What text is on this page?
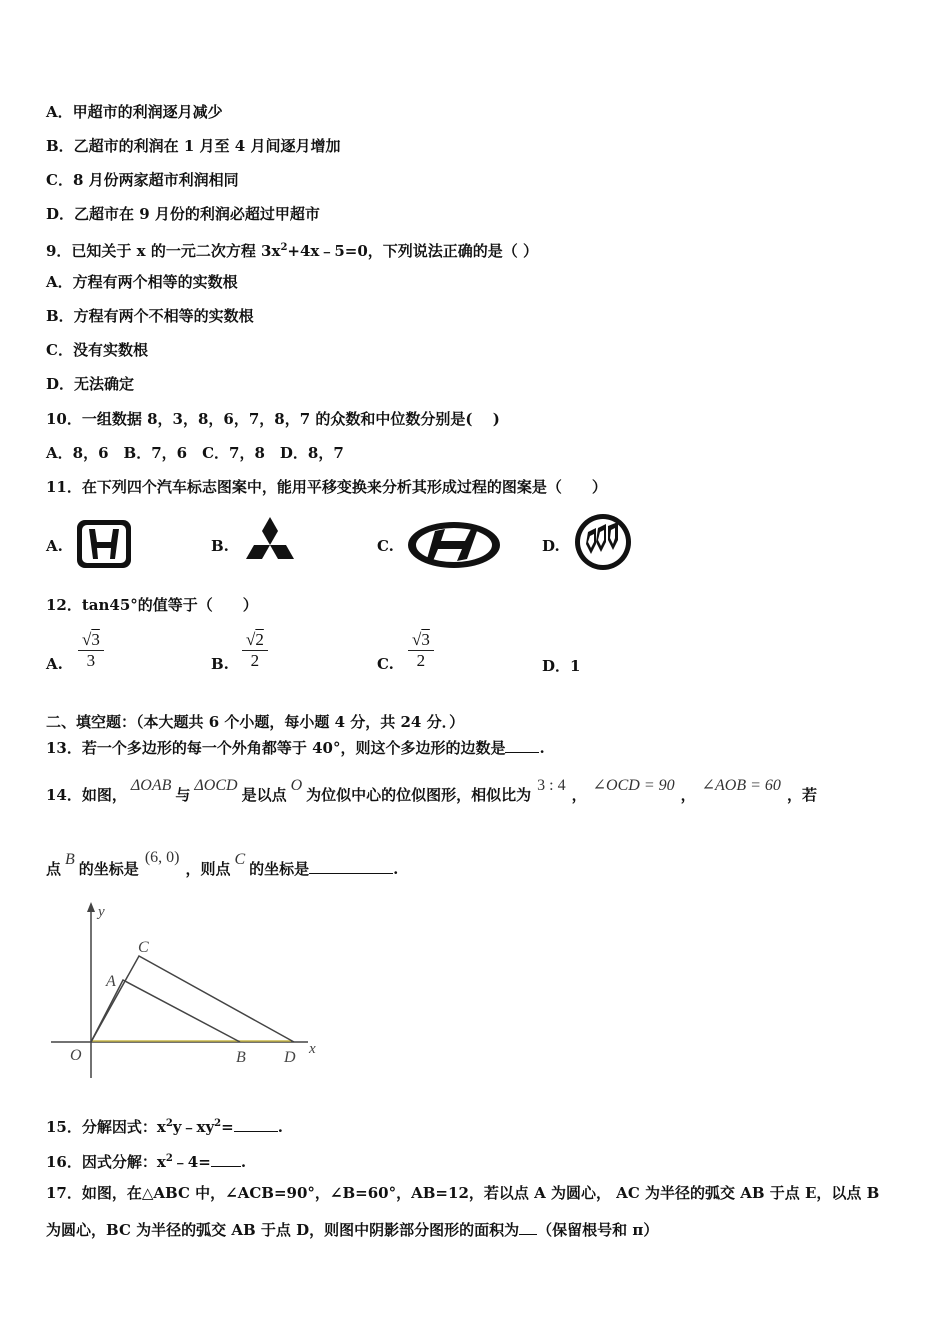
A．甲超市的利润逐月减少
B．乙超市的利润在 1 月至 4 月间逐月增加
C．8 月份两家超市利润相同
D．乙超市在 9 月份的利润必超过甲超市
9．已知关于 x 的一元二次方程 $3x^2+4x﹣5=0$，下列说法正确的是（ ）
A．方程有两个相等的实数根
B．方程有两个不相等的实数根
C．没有实数根
D．无法确定
10．一组数据 8，3，8，6，7，8，7 的众数和中位数分别是(　 )
A．8，6　B．7，6　C．7，8　D．8，7
11．在下列四个汽车标志图案中，能用平移变换来分析其形成过程的图案是（　　）
A.	B.	C.	D.
12．tan45°的值等于（　　）
A. $\frac{√3}{3}$	B. $\frac{√2}{2}$	C. $\frac{√3}{2}$	D．1
二、填空题：（本大题共 6 个小题，每小题 4 分，共 24 分．）
13．若一个多边形的每一个外角都等于 40°，则这个多边形的边数是 .
14．如图，ΔOAB与ΔOCD是以点O为位似中心的位似图形，相似比为3 : 4，∠OCD = 90，∠AOB = 60，若
点B的坐标是(6, 0)，则点C的坐标是	.
y
x
O
A
C
B D
15．分解因式：$x^2y﹣xy^2=$	.
16．因式分解：$x^2﹣4=$ .
17．如图，在△ABC 中，∠ACB=90°，∠B=60°，AB=12，若以点 A 为圆心， AC 为半径的弧交 AB 于点 E，以点 B
为圆心，BC 为半径的弧交 AB 于点 D，则图中阴影部分图形的面积为 （保留根号和 π）
